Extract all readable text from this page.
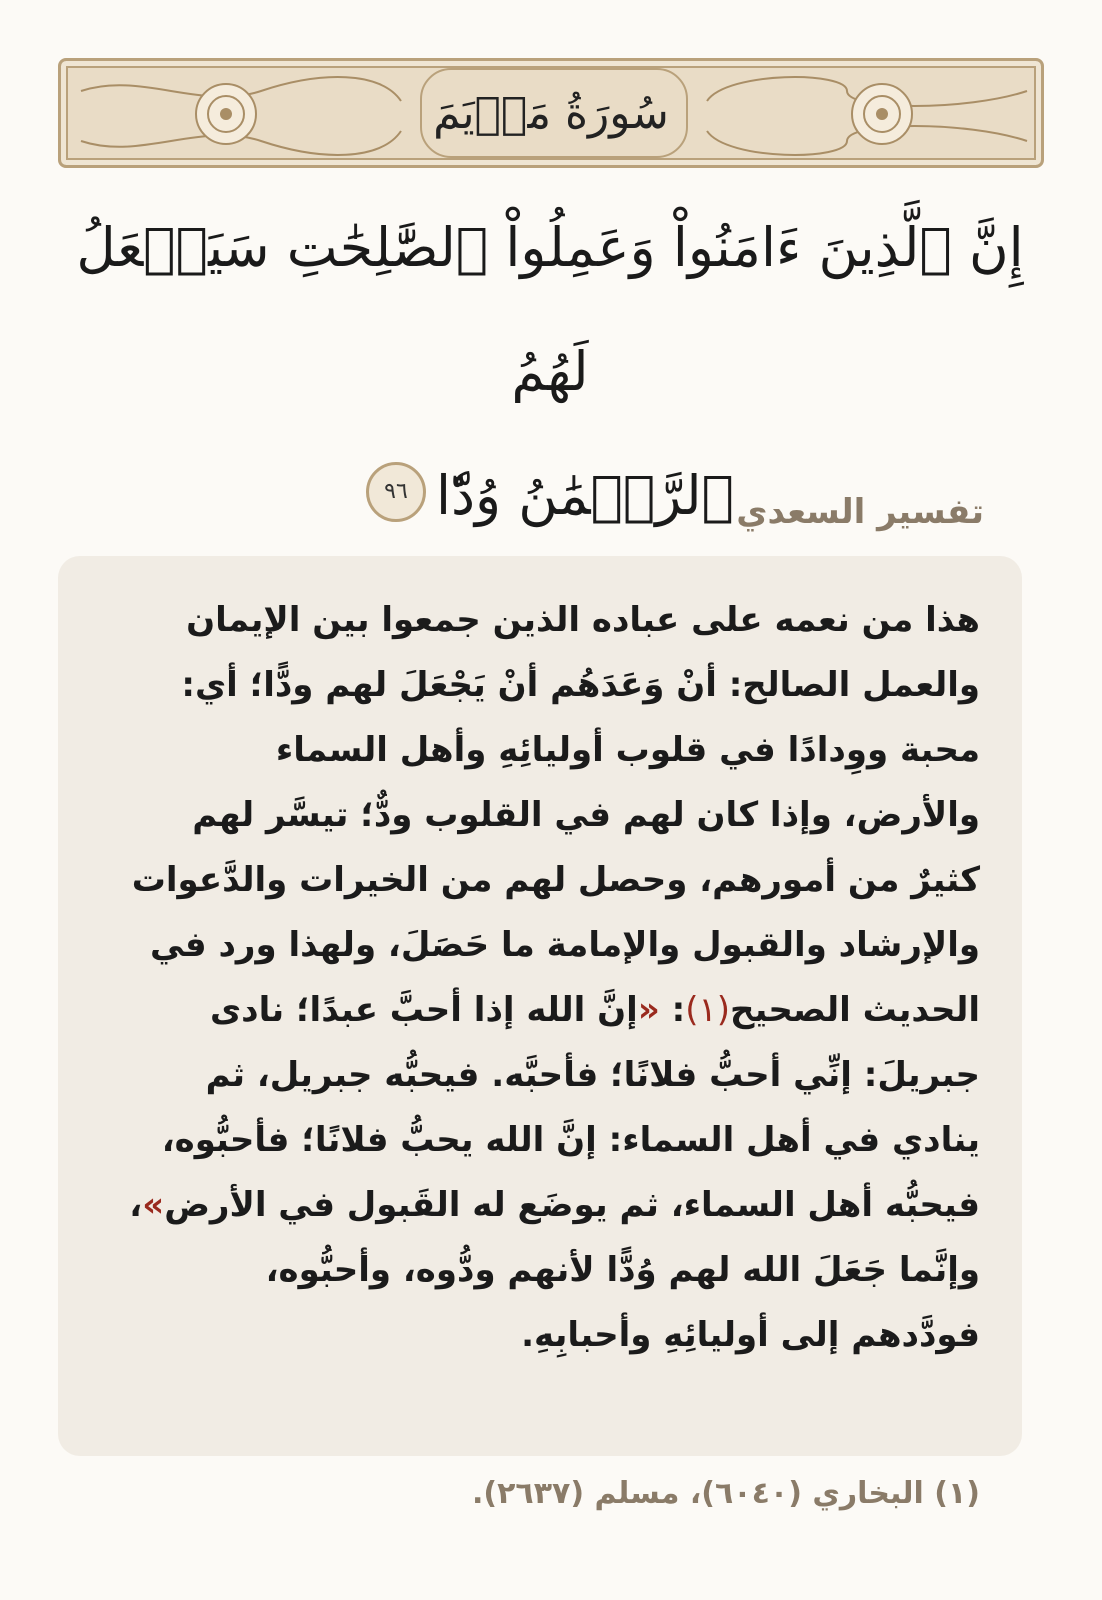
سُورَةُ مَرۡيَمَ
إِنَّ ٱلَّذِينَ ءَامَنُواْ وَعَمِلُواْ ٱلصَّٰلِحَٰتِ سَيَجۡعَلُ لَهُمُ
ٱلرَّحۡمَٰنُ وُدّٗا٩٦
تفسير السعدي
هذا من نعمه على عباده الذين جمعوا بين الإيمان والعمل الصالح: أنْ وَعَدَهُم أنْ يَجْعَلَ لهم ودًّا؛ أي: محبة ووِدادًا في قلوب أوليائِهِ وأهل السماء والأرض، وإذا كان لهم في القلوب ودٌّ؛ تيسَّر لهم كثيرٌ من أمورهم، وحصل لهم من الخيرات والدَّعوات والإرشاد والقبول والإمامة ما حَصَلَ، ولهذا ورد في الحديث الصحيح(١): «إنَّ الله إذا أحبَّ عبدًا؛ نادى جبريلَ: إنِّي أحبُّ فلانًا؛ فأحبَّه. فيحبُّه جبريل، ثم ينادي في أهل السماء: إنَّ الله يحبُّ فلانًا؛ فأحبُّوه، فيحبُّه أهل السماء، ثم يوضَع له القَبول في الأرض»، وإنَّما جَعَلَ الله لهم وُدًّا لأنهم ودُّوه، وأحبُّوه، فودَّدهم إلى أوليائِهِ وأحبابِهِ.
(١) البخاري (٦٠٤٠)، مسلم (٢٦٣٧).
